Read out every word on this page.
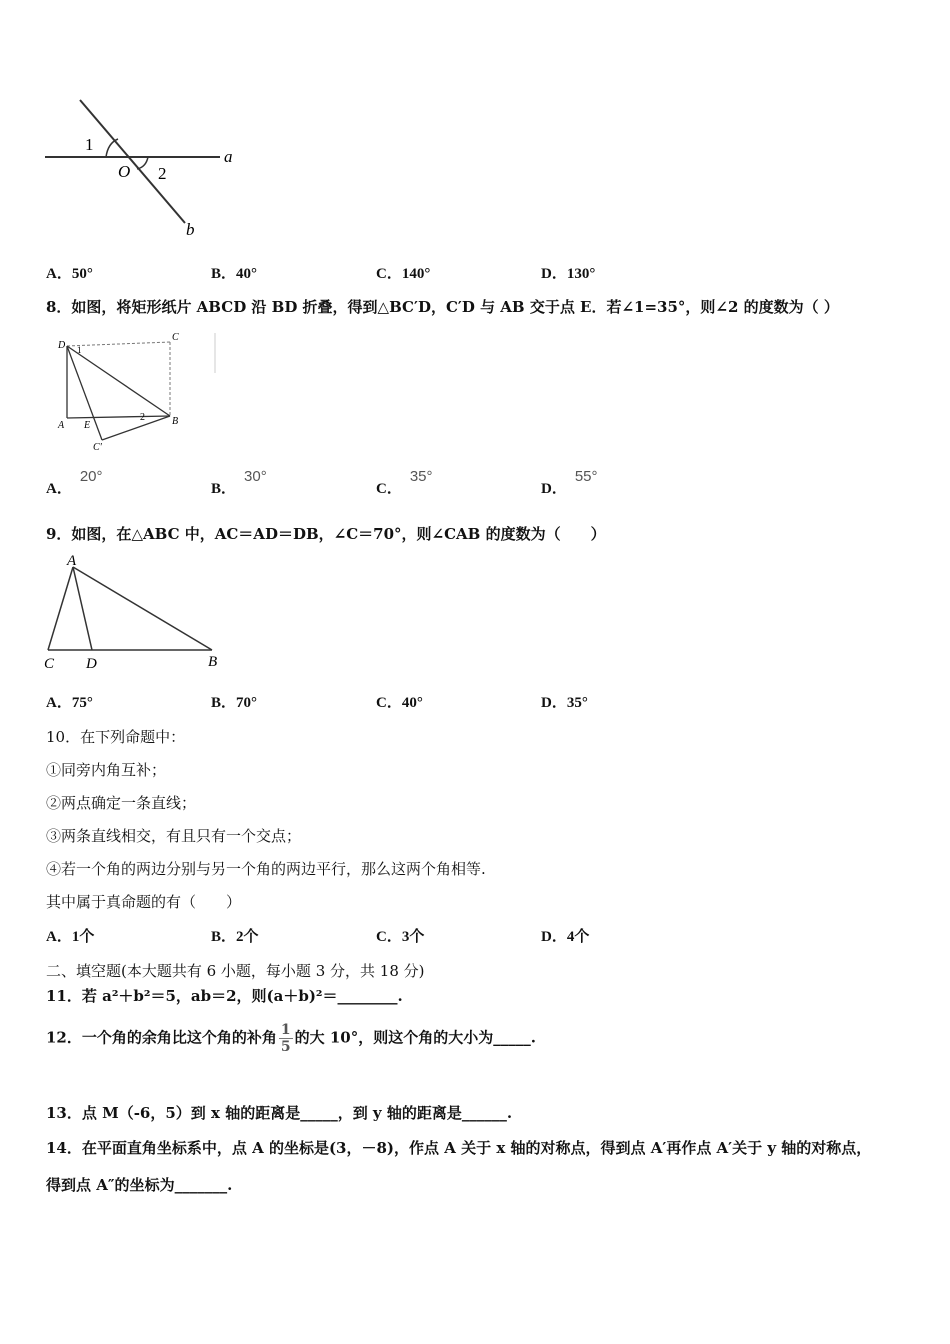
1
O 2
a
b
A．50°	B．40°	C．140°	D．130°
8．如图，将矩形纸片 ABCD 沿 BD 折叠，得到△BC′D，C′D 与 AB 交于点 E．若∠1=35°，则∠2 的度数为（ ）
D
C
A E	B
C'
1
2
A．20°
B．30°
C．35°
D．55°
9．如图，在△ABC 中，AC＝AD＝DB，∠C＝70°，则∠CAB 的度数为（　　）
A
C D	B
A．75°	B．70°	C．40°	D．35°
10．在下列命题中：
①同旁内角互补；
②两点确定一条直线；
③两条直线相交，有且只有一个交点；
④若一个角的两边分别与另一个角的两边平行，那么这两个角相等.
其中属于真命题的有（　　）
A．1个	B．2个	C．3个	D．4个
二、填空题(本大题共有 6 小题，每小题 3 分，共 18 分)
11．若 a²＋b²＝5，ab＝2，则(a＋b)²＝________.
12．一个角的余角比这个角的补角 $\frac{1}{5}$ 的大 10°，则这个角的大小为_____.
13．点 M（-6，5）到 x 轴的距离是_____，到 y 轴的距离是______.
14．在平面直角坐标系中，点 A 的坐标是(3，－8)，作点 A 关于 x 轴的对称点，得到点 A′再作点 A′关于 y 轴的对称点，
得到点 A″的坐标为_______.
